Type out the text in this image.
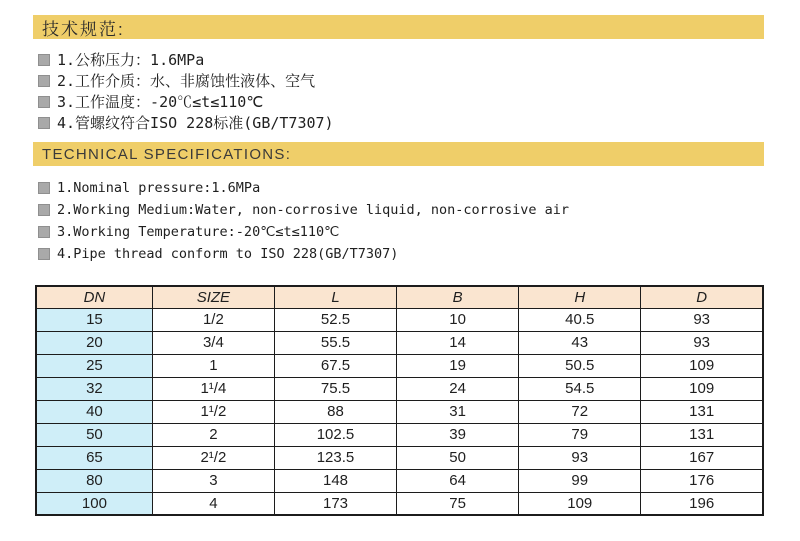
技术规范:
1.公称压力：1.6MPa
2.工作介质：水、非腐蚀性液体、空气
3.工作温度：-20℃≤t≤110℃
4.管螺纹符合ISO 228标准(GB/T7307)
TECHNICAL SPECIFICATIONS:
1.Nominal pressure:1.6MPa
2.Working Medium:Water, non-corrosive liquid, non-corrosive air
3.Working Temperature:-20℃≤t≤110℃
4.Pipe thread conform to ISO 228(GB/T7307)
DN	SIZE	L	B	H	D
15	1/2	52.5	10	40.5	93
20	3/4	55.5	14	43	93
25	1	67.5	19	50.5	109
32	1¹/4	75.5	24	54.5	109
40	1¹/2	88	31	72	131
50	2	102.5	39	79	131
65	2¹/2	123.5	50	93	167
80	3	148	64	99	176
100	4	173	75	109	196
